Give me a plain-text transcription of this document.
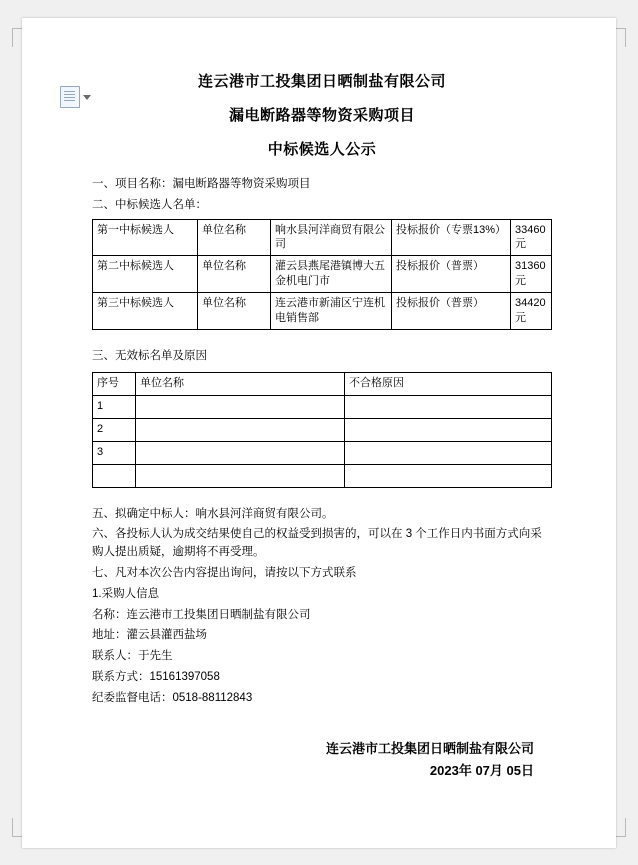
连云港市工投集团日晒制盐有限公司
漏电断路器等物资采购项目
中标候选人公示
一、项目名称：漏电断路器等物资采购项目
二、中标候选人名单：
第一中标候选人	单位名称	响水县河洋商贸有限公司	投标报价（专票13%）	33460 元
第二中标候选人	单位名称	灌云县燕尾港镇博大五金机电门市	投标报价（普票）	31360 元
第三中标候选人	单位名称	连云港市新浦区宁连机电销售部	投标报价（普票）	34420 元
三、无效标名单及原因
序号	单位名称	不合格原因
1		
2		
3		

五、拟确定中标人：响水县河洋商贸有限公司。
六、各投标人认为成交结果使自己的权益受到损害的，可以在 3 个工作日内书面方式向采购人提出质疑，逾期将不再受理。
七、凡对本次公告内容提出询问，请按以下方式联系
1.采购人信息
名称：连云港市工投集团日晒制盐有限公司
地址：灌云县灌西盐场
联系人：于先生
联系方式：15161397058
纪委监督电话：0518-88112843
连云港市工投集团日晒制盐有限公司
2023年 07月 05日
